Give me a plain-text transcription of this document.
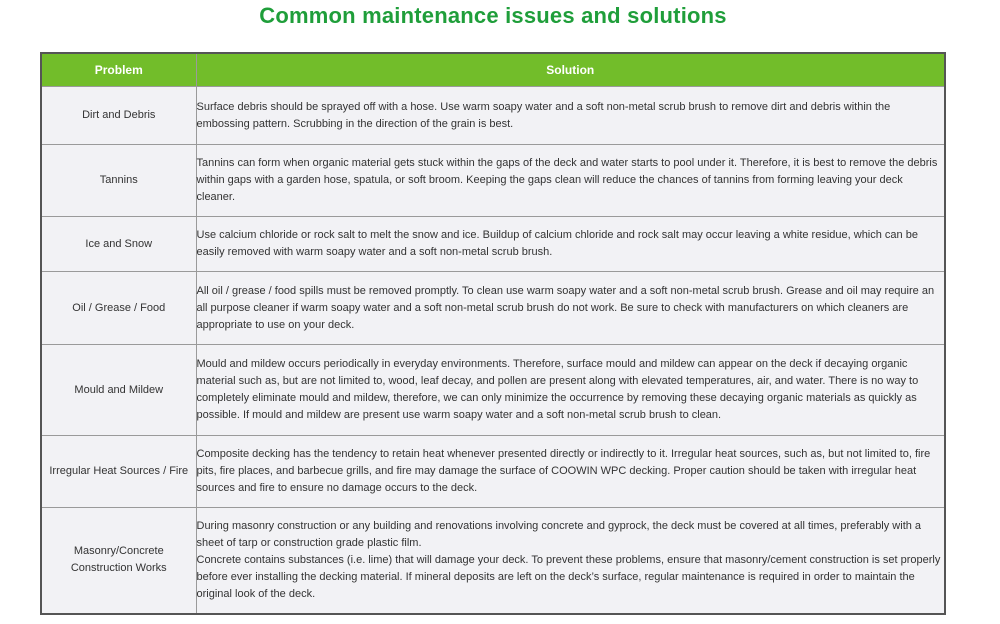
Common maintenance issues and solutions
Problem	Solution
Dirt and Debris	Surface debris should be sprayed off with a hose. Use warm soapy water and a soft non-metal scrub brush to remove dirt and debris within the embossing pattern. Scrubbing in the direction of the grain is best.

Tannins	Tannins can form when organic material gets stuck within the gaps of the deck and water starts to pool under it. Therefore, it is best to remove the debris within gaps with a garden hose, spatula, or soft broom. Keeping the gaps clean will reduce the chances of tannins from forming leaving your deck cleaner.

Ice and Snow	Use calcium chloride or rock salt to melt the snow and ice. Buildup of calcium chloride and rock salt may occur leaving a white residue, which can be easily removed with warm soapy water and a soft non-metal scrub brush.

Oil / Grease / Food	All oil / grease / food spills must be removed promptly. To clean use warm soapy water and a soft non-metal scrub brush. Grease and oil may require an all purpose cleaner if warm soapy water and a soft non-metal scrub brush do not work. Be sure to check with manufacturers on which cleaners are appropriate to use on your deck.

Mould and Mildew	Mould and mildew occurs periodically in everyday environments. Therefore, surface mould and mildew can appear on the deck if decaying organic material such as, but are not limited to, wood, leaf decay, and pollen are present along with elevated temperatures, air, and water. There is no way to completely eliminate mould and mildew, therefore, we can only minimize the occurrence by removing these decaying organic materials as quickly as possible. If mould and mildew are present use warm soapy water and a soft non-metal scrub brush to clean.

Irregular Heat Sources / Fire	Composite decking has the tendency to retain heat whenever presented directly or indirectly to it. Irregular heat sources, such as, but not limited to, fire pits, fire places, and barbecue grills, and fire may damage the surface of COOWIN WPC decking. Proper caution should be taken with irregular heat sources and fire to ensure no damage occurs to the deck.

Masonry/Concrete Construction Works	During masonry construction or any building and renovations involving concrete and gyprock, the deck must be covered at all times, preferably with a sheet of tarp or construction grade plastic film.
Concrete contains substances (i.e. lime) that will damage your deck. To prevent these problems, ensure that masonry/cement construction is set properly before ever installing the decking material. If mineral deposits are left on the deck’s surface, regular maintenance is required in order to maintain the original look of the deck.
